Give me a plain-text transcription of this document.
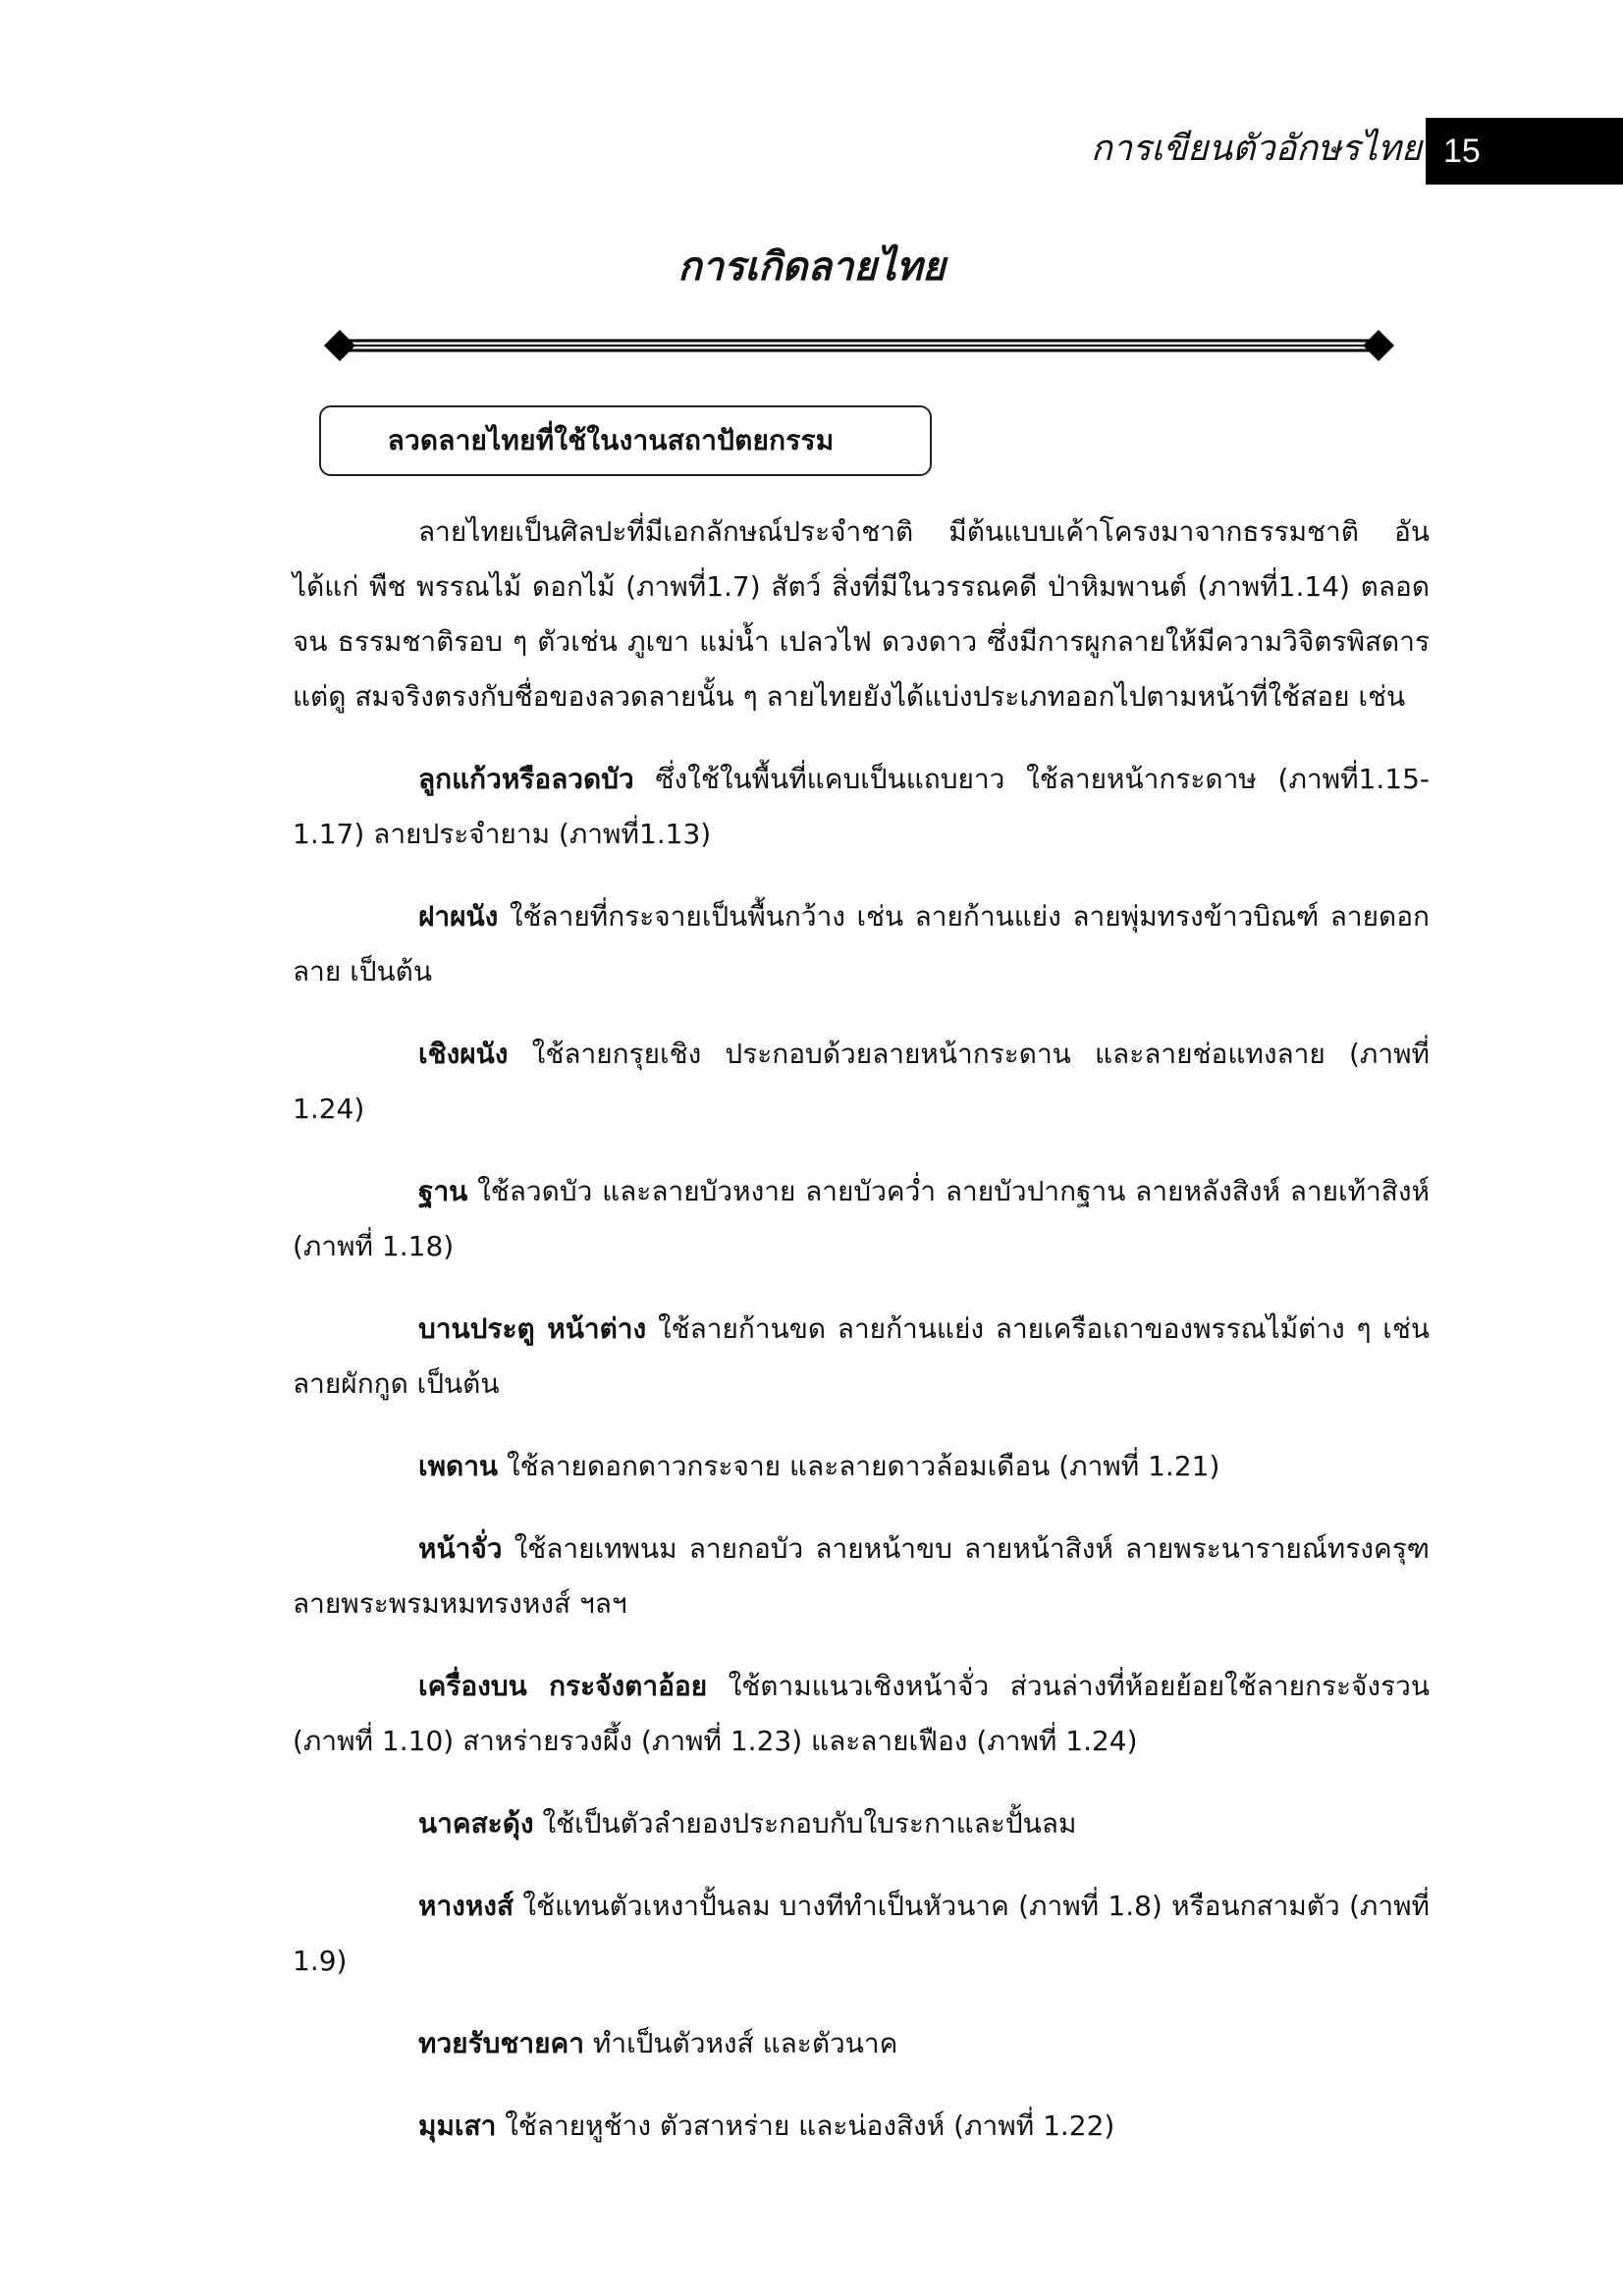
การเขียนตัวอักษรไทย 15
การเกิดลายไทย
ลวดลายไทยที่ใช้ในงานสถาปัตยกรรม

ลายไทยเป็นศิลปะที่มีเอกลักษณ์ประจำชาติ มีต้นแบบเค้าโครงมาจากธรรมชาติ อันได้แก่ พืช พรรณไม้ ดอกไม้ (ภาพที่1.7) สัตว์ สิ่งที่มีในวรรณคดี ป่าหิมพานต์ (ภาพที่1.14) ตลอดจน ธรรมชาติรอบ ๆ ตัวเช่น ภูเขา แม่น้ำ เปลวไฟ ดวงดาว ซึ่งมีการผูกลายให้มีความวิจิตรพิสดาร แต่ดู สมจริงตรงกับชื่อของลวดลายนั้น ๆ ลายไทยยังได้แบ่งประเภทออกไปตามหน้าที่ใช้สอย เช่น

ลูกแก้วหรือลวดบัว ซึ่งใช้ในพื้นที่แคบเป็นแถบยาว ใช้ลายหน้ากระดาษ (ภาพที่1.15-1.17) ลายประจำยาม (ภาพที่1.13)

ฝาผนัง ใช้ลายที่กระจายเป็นพื้นกว้าง เช่น ลายก้านแย่ง ลายพุ่มทรงข้าวบิณฑ์ ลายดอก ลาย เป็นต้น

เชิงผนัง ใช้ลายกรุยเชิง ประกอบด้วยลายหน้ากระดาน และลายช่อแทงลาย (ภาพที่ 1.24)

ฐาน ใช้ลวดบัว และลายบัวหงาย ลายบัวคว่ำ ลายบัวปากฐาน ลายหลังสิงห์ ลายเท้าสิงห์ (ภาพที่ 1.18)

บานประตู หน้าต่าง ใช้ลายก้านขด ลายก้านแย่ง ลายเครือเถาของพรรณไม้ต่าง ๆ เช่น ลายผักกูด เป็นต้น

เพดาน ใช้ลายดอกดาวกระจาย และลายดาวล้อมเดือน (ภาพที่ 1.21)

หน้าจั่ว ใช้ลายเทพนม ลายกอบัว ลายหน้าขบ ลายหน้าสิงห์ ลายพระนารายณ์ทรงครุฑ ลายพระพรมหมทรงหงส์ ฯลฯ

เครื่องบน กระจังตาอ้อย ใช้ตามแนวเชิงหน้าจั่ว ส่วนล่างที่ห้อยย้อยใช้ลายกระจังรวน (ภาพที่ 1.10) สาหร่ายรวงผึ้ง (ภาพที่ 1.23) และลายเฟือง (ภาพที่ 1.24)

นาคสะดุ้ง ใช้เป็นตัวลำยองประกอบกับใบระกาและปั้นลม

หางหงส์ ใช้แทนตัวเหงาปั้นลม บางทีทำเป็นหัวนาค (ภาพที่ 1.8) หรือนกสามตัว (ภาพที่ 1.9)

ทวยรับชายคา ทำเป็นตัวหงส์ และตัวนาค

มุมเสา ใช้ลายหูช้าง ตัวสาหร่าย และน่องสิงห์ (ภาพที่ 1.22)
